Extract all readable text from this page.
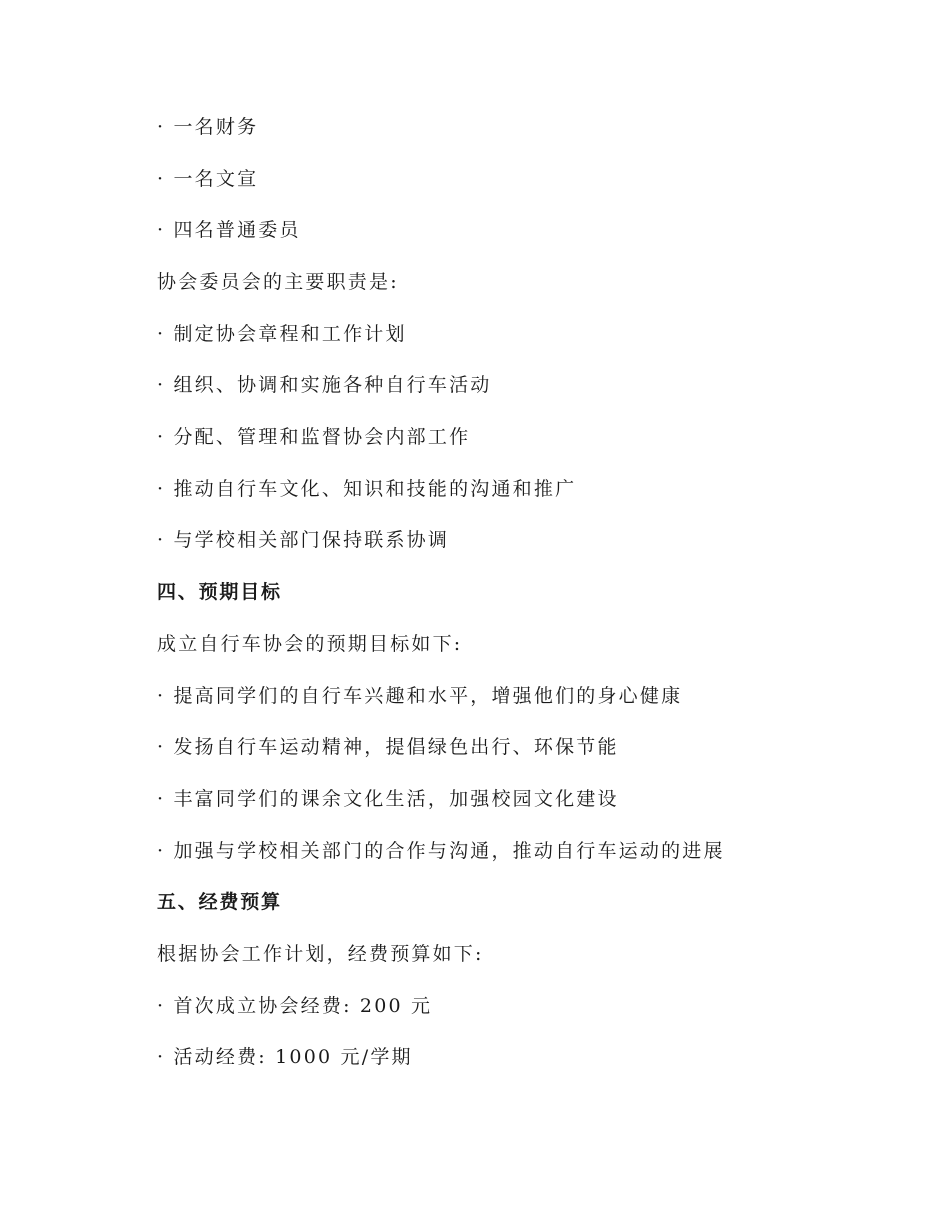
· 一名财务
· 一名文宣
· 四名普通委员
协会委员会的主要职责是:
· 制定协会章程和工作计划
· 组织、协调和实施各种自行车活动
· 分配、管理和监督协会内部工作
· 推动自行车文化、知识和技能的沟通和推广
· 与学校相关部门保持联系协调
四、预期目标
成立自行车协会的预期目标如下:
· 提高同学们的自行车兴趣和水平，增强他们的身心健康
· 发扬自行车运动精神，提倡绿色出行、环保节能
· 丰富同学们的课余文化生活，加强校园文化建设
· 加强与学校相关部门的合作与沟通，推动自行车运动的进展
五、经费预算
根据协会工作计划，经费预算如下:
· 首次成立协会经费: 200 元
· 活动经费: 1000 元/学期
